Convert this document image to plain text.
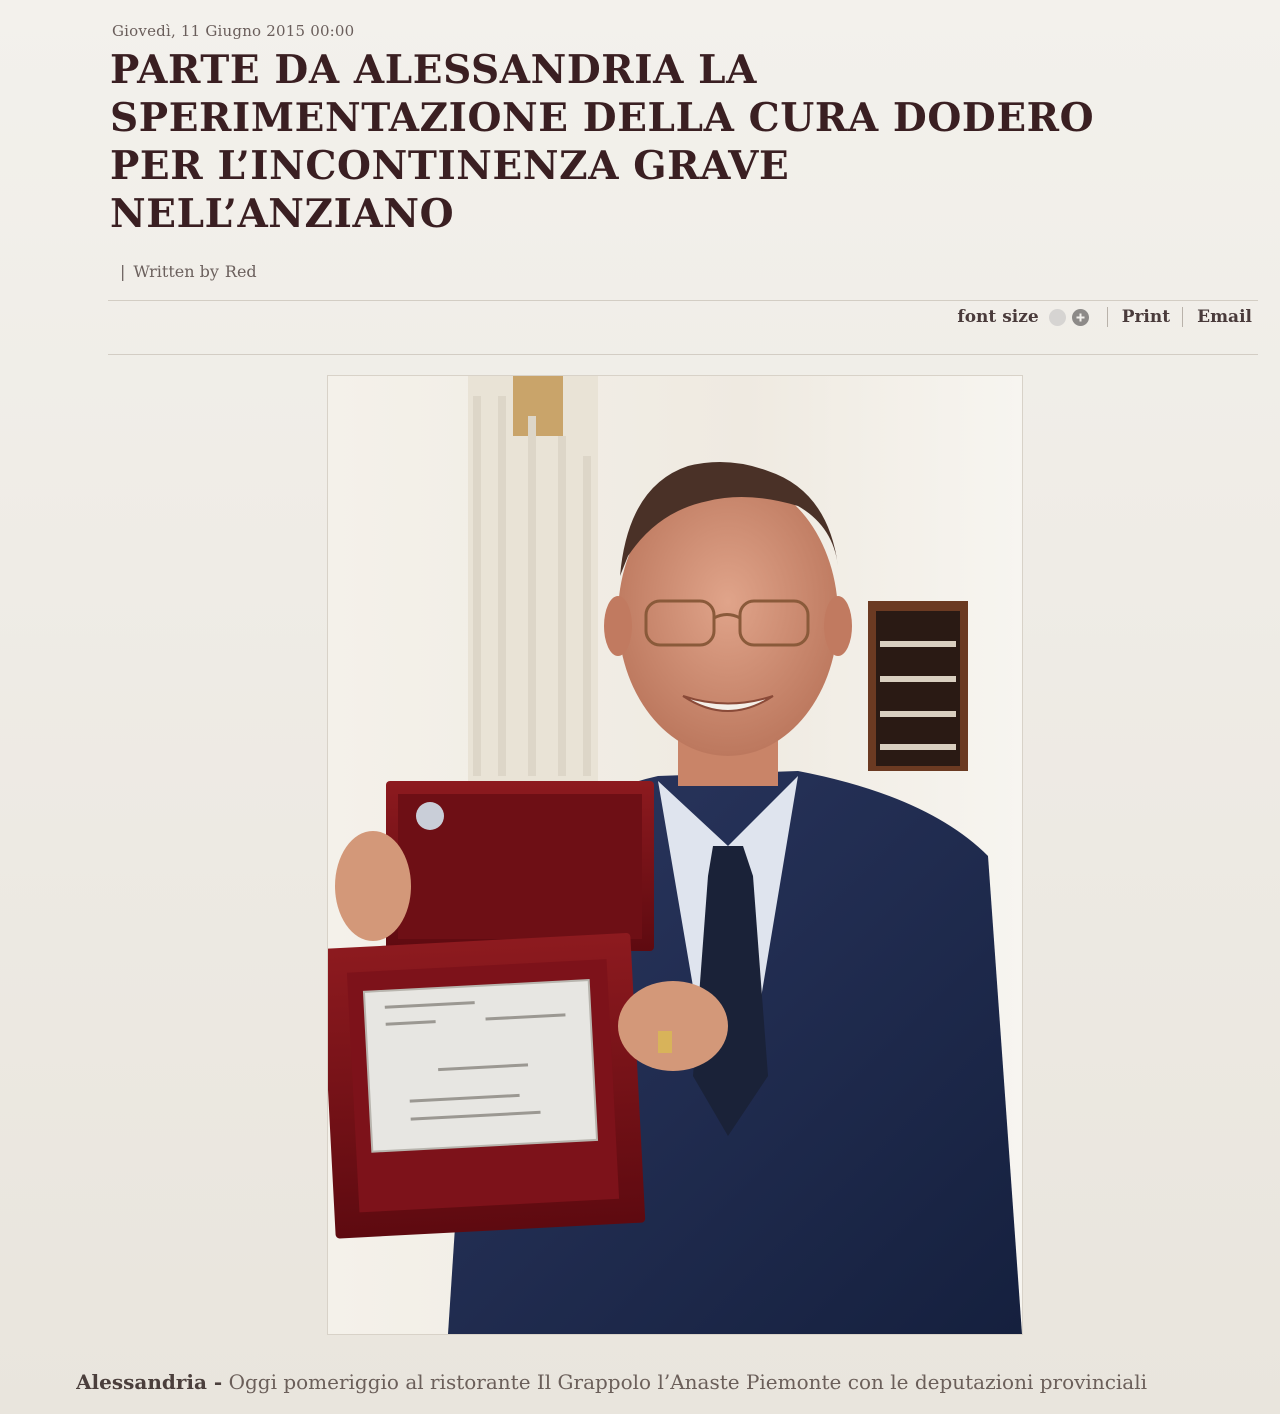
Giovedì, 11 Giugno 2015 00:00
PARTE DA ALESSANDRIA LA
SPERIMENTAZIONE DELLA CURA DODERO
PER L’INCONTINENZA GRAVE
NELL’ANZIANO
| Written by Red
font size	Print Email
Alessandria - Oggi pomeriggio al ristorante Il Grappolo l’Anaste Piemonte con le deputazioni provinciali
